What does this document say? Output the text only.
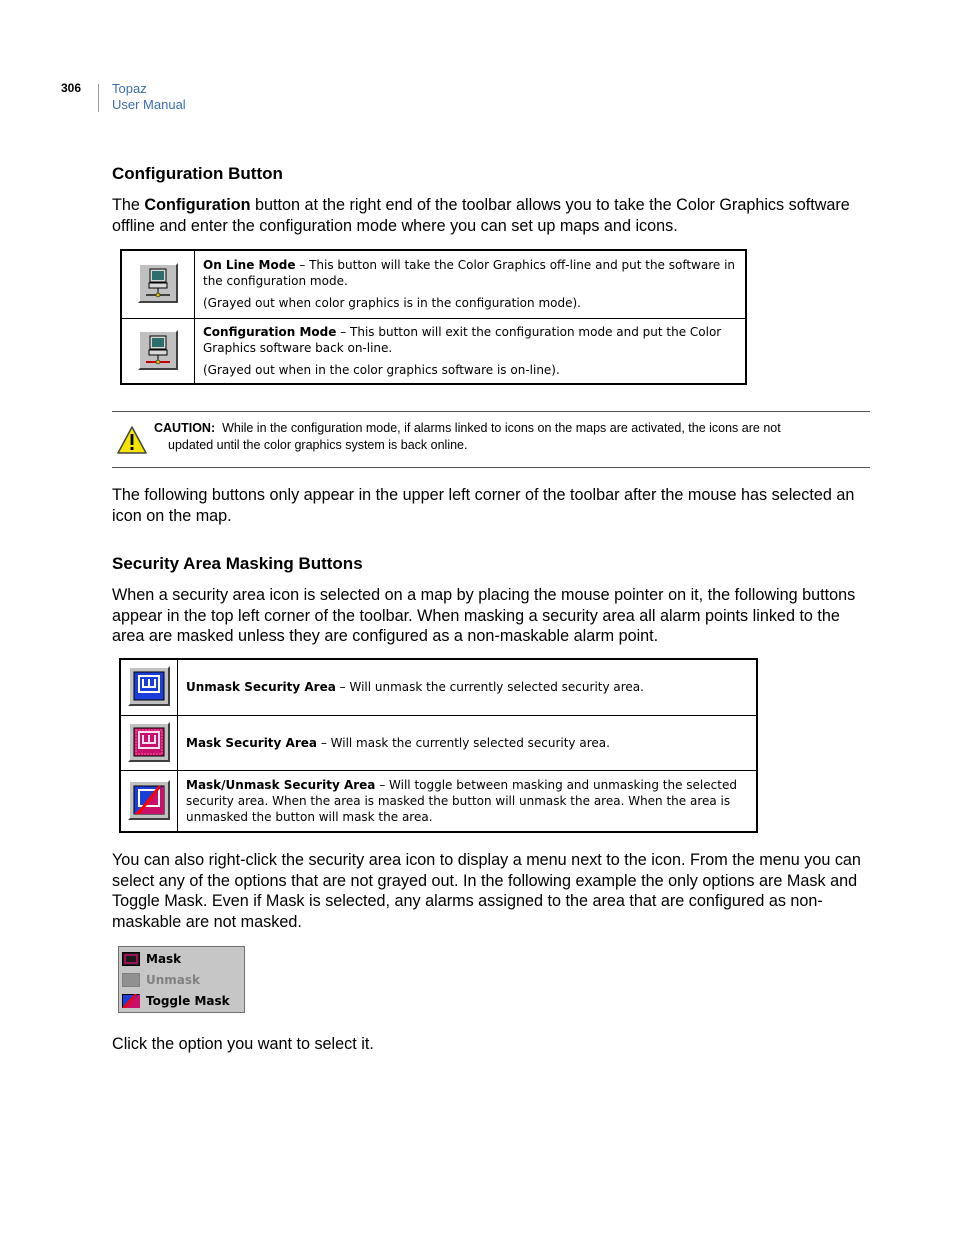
306 Topaz
User Manual
Configuration Button

The Configuration button at the right end of the toolbar allows you to take the Color Graphics software offline and enter the configuration mode where you can set up maps and icons.

On Line Mode – This button will take the Color Graphics off-line and put the software in the configuration mode.
(Grayed out when color graphics is in the configuration mode).

Configuration Mode – This button will exit the configuration mode and put the Color Graphics software back on-line.
(Grayed out when in the color graphics software is on-line).
CAUTION: While in the configuration mode, if alarms linked to icons on the maps are activated, the icons are not
updated until the color graphics system is back online.

The following buttons only appear in the upper left corner of the toolbar after the mouse has selected an icon on the map.

Security Area Masking Buttons

When a security area icon is selected on a map by placing the mouse pointer on it, the following buttons appear in the top left corner of the toolbar. When masking a security area all alarm points linked to the area are masked unless they are configured as a non-maskable alarm point.

	Unmask Security Area – Will unmask the currently selected security area.
	Mask Security Area – Will mask the currently selected security area.
	Mask/Unmask Security Area – Will toggle between masking and unmasking the selected security area. When the area is masked the button will unmask the area. When the area is unmasked the button will mask the area.

You can also right-click the security area icon to display a menu next to the icon. From the menu you can select any of the options that are not grayed out. In the following example the only options are Mask and Toggle Mask. Even if Mask is selected, any alarms assigned to the area that are configured as non-maskable are not masked.

Mask
Unmask
Toggle Mask

Click the option you want to select it.
